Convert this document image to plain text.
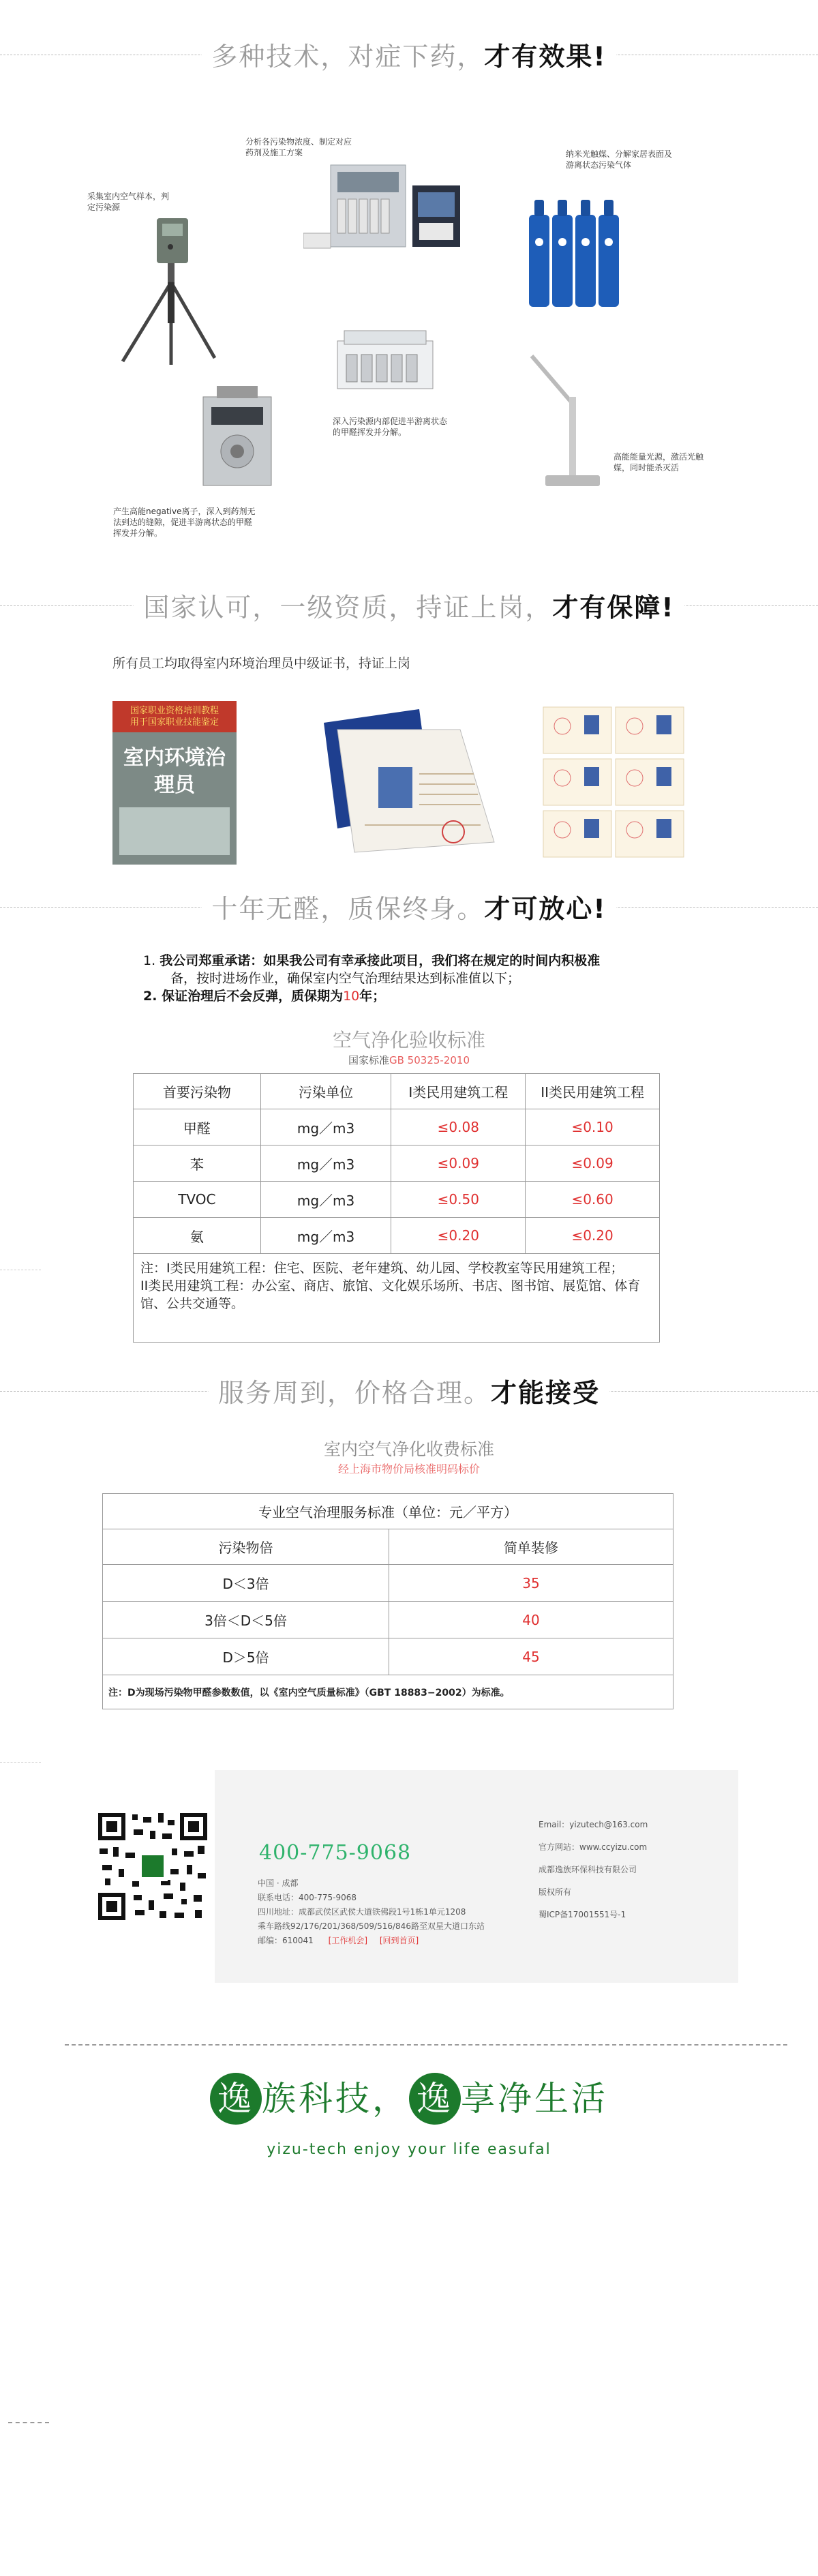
多种技术，对症下药，才有效果!
采集室内空气样本，判定污染源
分析各污染物浓度、制定对应药剂及施工方案	纳米光触媒、分解家居表面及游离状态污染气体
深入污染源内部促进半游离状态的甲醛挥发并分解。
产生高能negative离子，深入到药剂无法到达的缝隙，促进半游离状态的甲醛挥发并分解。
高能能量光源，激活光触媒，同时能杀灭活
国家认可，一级资质，持证上岗，才有保障!
所有员工均取得室内环境治理员中级证书，持证上岗
国家职业资格培训教程
用于国家职业技能鉴定
室内环境治理员
十年无醛，质保终身。才可放心!
1. 我公司郑重承诺：如果我公司有幸承接此项目，我们将在规定的时间内积极准
备，按时进场作业，确保室内空气治理结果达到标准值以下；
2. 保证治理后不会反弹，质保期为10年；
空气净化验收标准
国家标准GB 50325-2010
首要污染物	污染单位	I类民用建筑工程	II类民用建筑工程
甲醛	mg／m3	≤0.08	≤0.10
苯	mg／m3	≤0.09	≤0.09
TVOC	mg／m3	≤0.50	≤0.60
氨	mg／m3	≤0.20	≤0.20
注：I类民用建筑工程：住宅、医院、老年建筑、幼儿园、学校教室等民用建筑工程；
II类民用建筑工程：办公室、商店、旅馆、文化娱乐场所、书店、图书馆、展览馆、体育馆、公共交通等。			
服务周到，价格合理。才能接受
室内空气净化收费标准
经上海市物价局核准明码标价
专业空气治理服务标准（单位：元／平方）	
污染物倍	简单装修
D＜3倍	35
3倍＜D＜5倍	40
D＞5倍	45
注：D为现场污染物甲醛参数数值，以《室内空气质量标准》（GBT 18883−2002）为标准。	
400-775-9068
中国 · 成都
联系电话：400-775-9068
四川地址：成都武侯区武侯大道铁佛段1号1栋1单元1208
乘车路线92/176/201/368/509/516/846路至双星大道口东站
邮编：610041 [工作机会] [回到首页]
Email：yizutech@163.com
官方网站：www.ccyizu.com
成都逸族环保科技有限公司
版权所有
蜀ICP备17001551号-1
逸 族科技， 逸 享净生活
yizu-tech enjoy your life easufal
